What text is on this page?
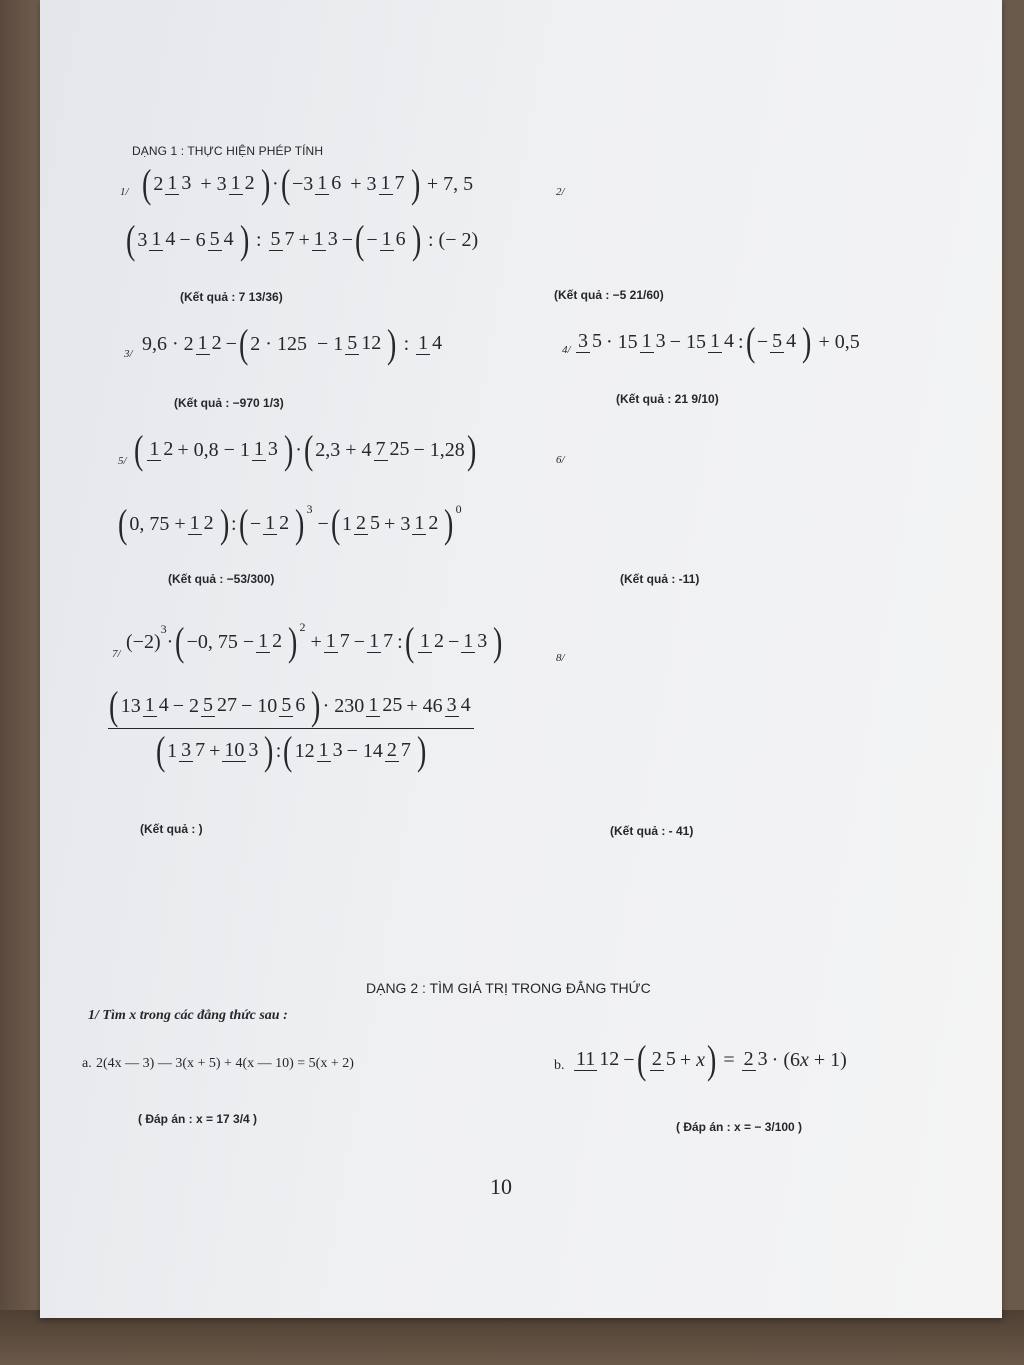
DẠNG 1 : THỰC HIỆN PHÉP TÍNH
1/ ( 2 1 3 + 3 1 2 ) · ( −3 1 6 + 3 1 7 ) + 7, 5	2/
( 3 1 4 − 6 5 4 ) : 5 7 + 1 3 − ( − 1 6 ) : (− 2)
(Kết quả : 7 13/36)	(Kết quả : −5 21/60)
3/ 9,6 · 2 1 2 − ( 2 · 125  − 1 5 12 ) : 1 4	4/ 3 5 · 15 1 3 − 15 1 4 : ( − 5 4 ) + 0,5
(Kết quả : −970 1/3)	(Kết quả : 21 9/10)
5/ ( 1 2 + 0,8 − 1 1 3 ) · ( 2,3 + 4 7 25 − 1,28 )	6/
( 0, 75 + 1 2 ) : ( − 1 2 ) 3
− ( 1 2 5 + 3 1 2 ) 0
(Kết quả : −53/300)	(Kết quả : -11)
7/
(−2)
3
· ( −0, 75 − 1 2 ) 2
+ 1 7 − 1 7 : ( 1 2 − 1 3 )	8/
( 13 1 4 − 2 5 27 − 10 5 6 ) · 230 1 25 + 46 3 4
( 1 3 7 + 10 3 ) : ( 12 1 3 − 14 2 7 )
(Kết quả : )	(Kết quả : - 41)
DẠNG 2 : TÌM GIÁ TRỊ TRONG ĐẲNG THỨC
1/ Tìm x trong các đẳng thức sau :
a. 2(4x — 3) — 3(x + 5) + 4(x — 10) = 5(x + 2)	b. 11 12 − ( 2 5 + x ) = 2 3 · (6x + 1)
( Đáp án : x = 17 3/4 )
( Đáp án : x = − 3/100 )
10
